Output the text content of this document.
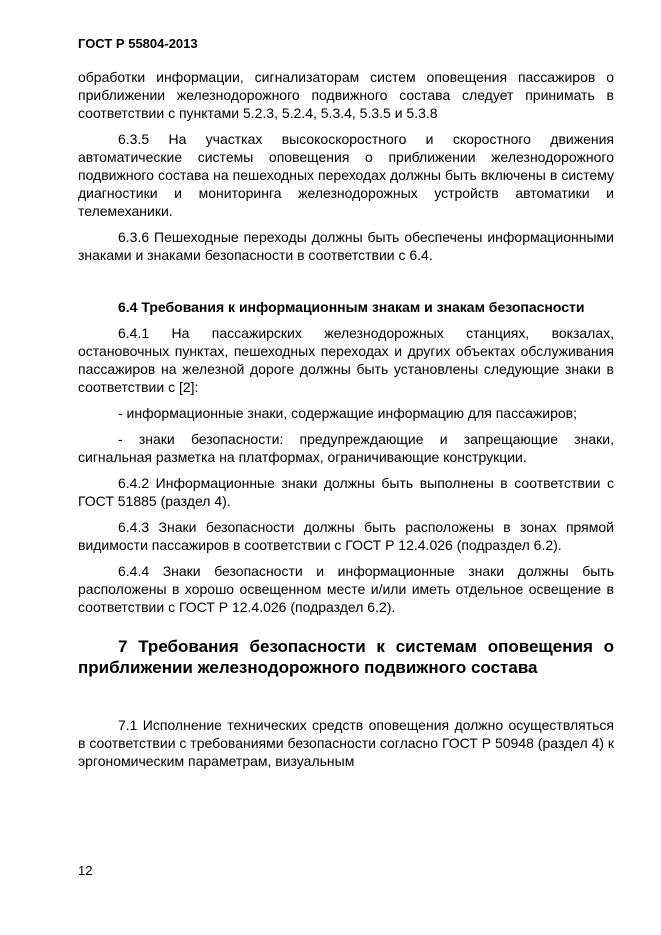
ГОСТ Р 55804-2013

обработки информации, сигнализаторам систем оповещения пассажиров о приближении железнодорожного подвижного состава следует принимать в соответствии с пунктами 5.2.3, 5.2.4, 5.3.4, 5.3.5 и 5.3.8

6.3.5 На участках высокоскоростного и скоростного движения автоматические системы оповещения о приближении железнодорожного подвижного состава на пешеходных переходах должны быть включены в систему диагностики и мониторинга железнодорожных устройств автоматики и телемеханики.

6.3.6 Пешеходные переходы должны быть обеспечены информационными знаками и знаками безопасности в соответствии с 6.4.

6.4 Требования к информационным знакам и знакам безопасности

6.4.1 На пассажирских железнодорожных станциях, вокзалах, остановочных пунктах, пешеходных переходах и других объектах обслуживания пассажиров на железной дороге должны быть установлены следующие знаки в соответствии с [2]:

- информационные знаки, содержащие информацию для пассажиров;

- знаки безопасности: предупреждающие и запрещающие знаки, сигнальная разметка на платформах, ограничивающие конструкции.

6.4.2 Информационные знаки должны быть выполнены в соответствии с ГОСТ 51885 (раздел 4).

6.4.3 Знаки безопасности должны быть расположены в зонах прямой видимости пассажиров в соответствии с ГОСТ Р 12.4.026 (подраздел 6.2).

6.4.4 Знаки безопасности и информационные знаки должны быть расположены в хорошо освещенном месте и/или иметь отдельное освещение в соответствии с ГОСТ Р 12.4.026 (подраздел 6.2).

7 Требования безопасности к системам оповещения о приближении железнодорожного подвижного состава

7.1 Исполнение технических средств оповещения должно осуществляться в соответствии с требованиями безопасности согласно ГОСТ Р 50948 (раздел 4) к эргономическим параметрам, визуальным

12
